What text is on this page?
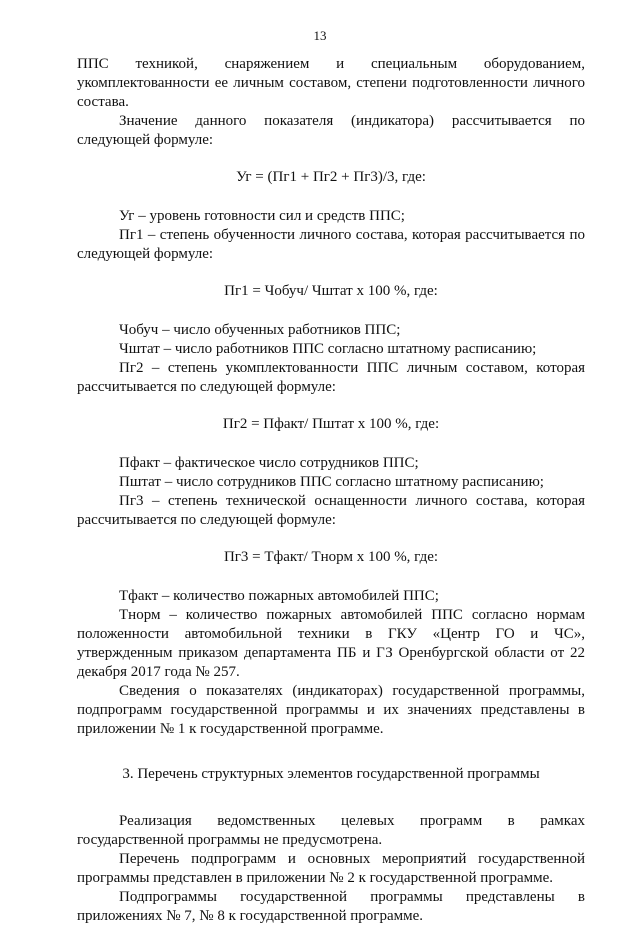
13

ППС техникой, снаряжением и специальным оборудованием, укомплектованности ее личным составом, степени подготовленности личного состава.

Значение данного показателя (индикатора) рассчитывается по следующей формуле:

Уг = (Пг1 + Пг2 + Пг3)/3, где:

Уг – уровень готовности сил и средств ППС;

Пг1 – степень обученности личного состава, которая рассчитывается по следующей формуле:

Пг1 = Чобуч/ Чштат x 100 %, где:

Чобуч – число обученных работников ППС;

Чштат – число работников ППС согласно штатному расписанию;

Пг2 – степень укомплектованности ППС личным составом, которая рассчитывается по следующей формуле:

Пг2 = Пфакт/ Пштат x 100 %, где:

Пфакт – фактическое число сотрудников ППС;

Пштат – число сотрудников ППС согласно штатному расписанию;

Пг3 – степень технической оснащенности личного состава, которая рассчитывается по следующей формуле:

Пг3 = Тфакт/ Тнорм x 100 %, где:

Тфакт – количество пожарных автомобилей ППС;

Тнорм – количество пожарных автомобилей ППС согласно нормам положенности автомобильной техники в ГКУ «Центр ГО и ЧС», утвержденным приказом департамента ПБ и ГЗ Оренбургской области от 22 декабря 2017 года № 257.

Сведения о показателях (индикаторах) государственной программы, подпрограмм государственной программы и их значениях представлены в приложении № 1 к государственной программе.

3. Перечень структурных элементов государственной программы

Реализация ведомственных целевых программ в рамках государственной программы не предусмотрена.

Перечень подпрограмм и основных мероприятий государственной программы представлен в приложении № 2 к государственной программе.

Подпрограммы государственной программы представлены в приложениях № 7, № 8 к государственной программе.
